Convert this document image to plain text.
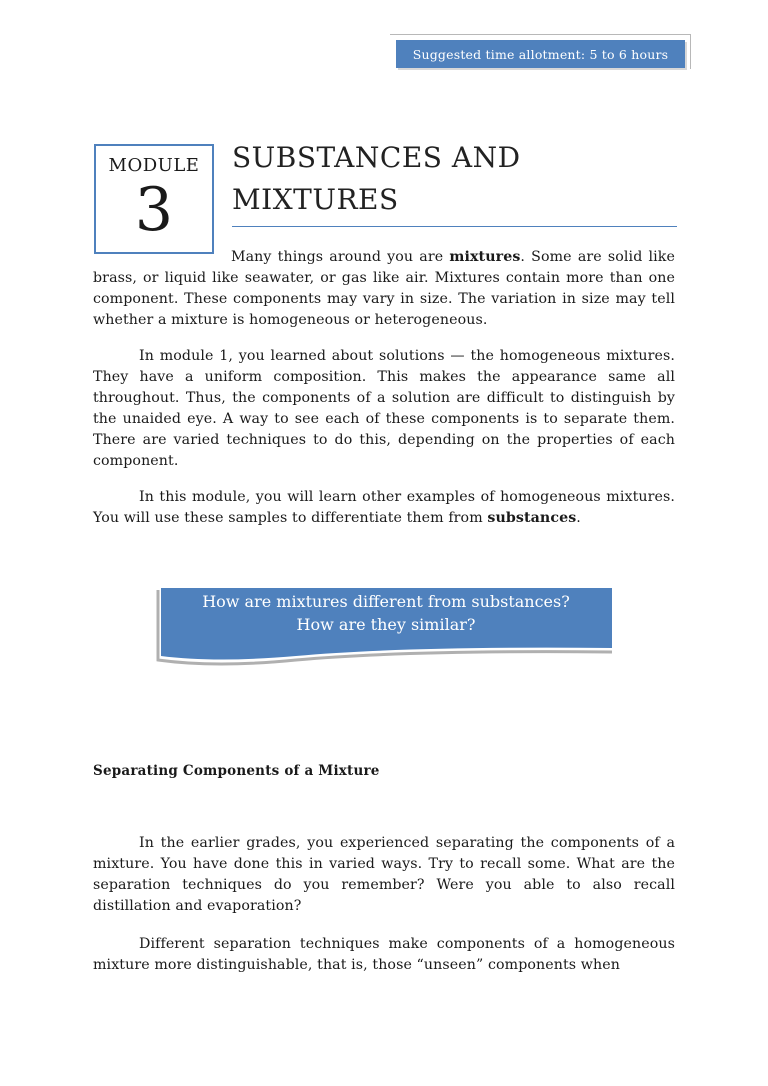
Suggested time allotment: 5 to 6 hours
MODULE
3
SUBSTANCES AND MIXTURES

Many things around you are mixtures. Some are solid like brass, or liquid like seawater, or gas like air. Mixtures contain more than one component. These components may vary in size. The variation in size may tell whether a mixture is homogeneous or heterogeneous.

In module 1, you learned about solutions — the homogeneous mixtures. They have a uniform composition. This makes the appearance same all throughout. Thus, the components of a solution are difficult to distinguish by the unaided eye. A way to see each of these components is to separate them. There are varied techniques to do this, depending on the properties of each component.

In this module, you will learn other examples of homogeneous mixtures. You will use these samples to differentiate them from substances.

How are mixtures different from substances?
How are they similar?
Separating Components of a Mixture

In the earlier grades, you experienced separating the components of a mixture. You have done this in varied ways. Try to recall some. What are the separation techniques do you remember? Were you able to also recall distillation and evaporation?

Different separation techniques make components of a homogeneous mixture more distinguishable, that is, those “unseen” components when
